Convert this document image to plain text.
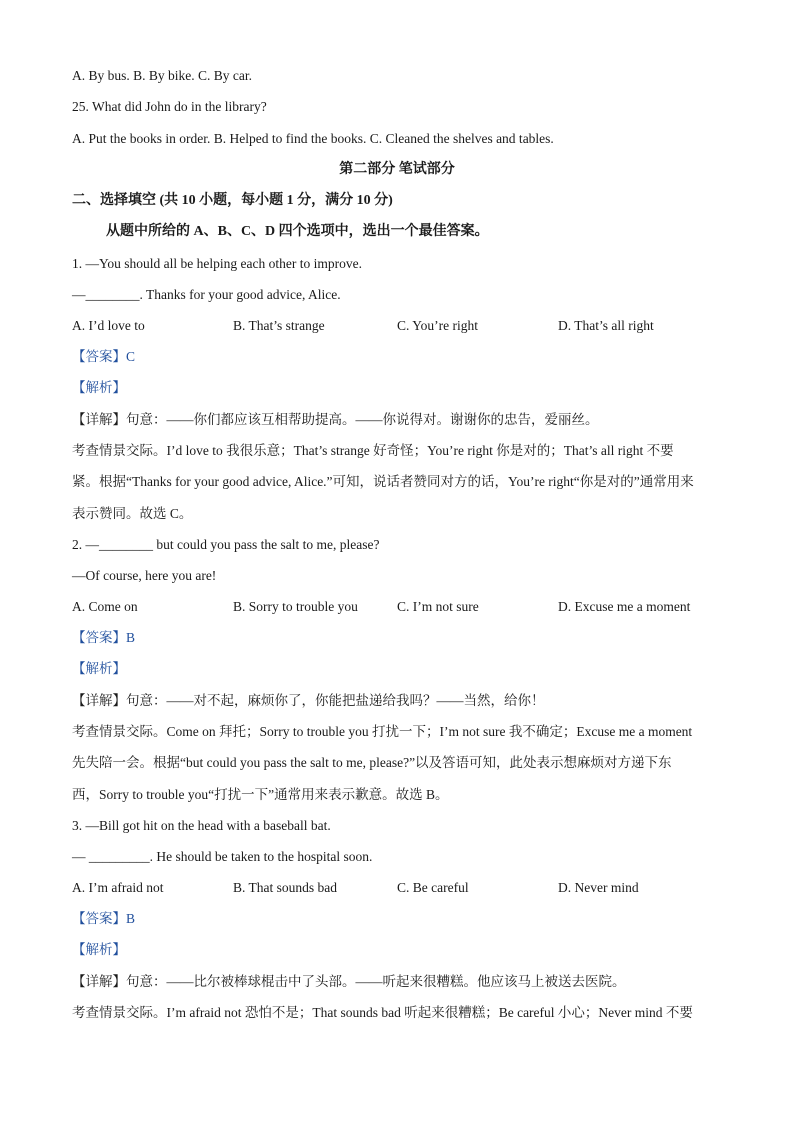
A. By bus. B. By bike. C. By car.
25. What did John do in the library?
A. Put the books in order. B. Helped to find the books. C. Cleaned the shelves and tables.
第二部分 笔试部分
二、选择填空 (共 10 小题，每小题 1 分，满分 10 分)
从题中所给的 A、B、C、D 四个选项中，选出一个最佳答案。
1. —You should all be helping each other to improve.
—________. Thanks for your good advice, Alice.
A. I’d love to	B. That’s strange	C. You’re right	D. That’s all right
【答案】C
【解析】
【详解】句意：——你们都应该互相帮助提高。——你说得对。谢谢你的忠告，爱丽丝。
考查情景交际。I’d love to 我很乐意；That’s strange 好奇怪；You’re right 你是对的；That’s all right 不要
紧。根据“Thanks for your good advice, Alice.”可知，说话者赞同对方的话，You’re right“你是对的”通常用来
表示赞同。故选 C。
2. —________ but could you pass the salt to me, please?
—Of course, here you are!
A. Come on	B. Sorry to trouble you	C. I’m not sure	D. Excuse me a moment
【答案】B
【解析】
【详解】句意：——对不起，麻烦你了，你能把盐递给我吗？——当然，给你！
考查情景交际。Come on 拜托；Sorry to trouble you 打扰一下；I’m not sure 我不确定；Excuse me a moment
先失陪一会。根据“but could you pass the salt to me, please?”以及答语可知，此处表示想麻烦对方递下东
西，Sorry to trouble you“打扰一下”通常用来表示歉意。故选 B。
3. —Bill got hit on the head with a baseball bat.
— _________. He should be taken to the hospital soon.
A. I’m afraid not	B. That sounds bad	C. Be careful	D. Never mind
【答案】B
【解析】
【详解】句意：——比尔被棒球棍击中了头部。——听起来很糟糕。他应该马上被送去医院。
考查情景交际。I’m afraid not 恐怕不是；That sounds bad 听起来很糟糕；Be careful 小心；Never mind 不要
